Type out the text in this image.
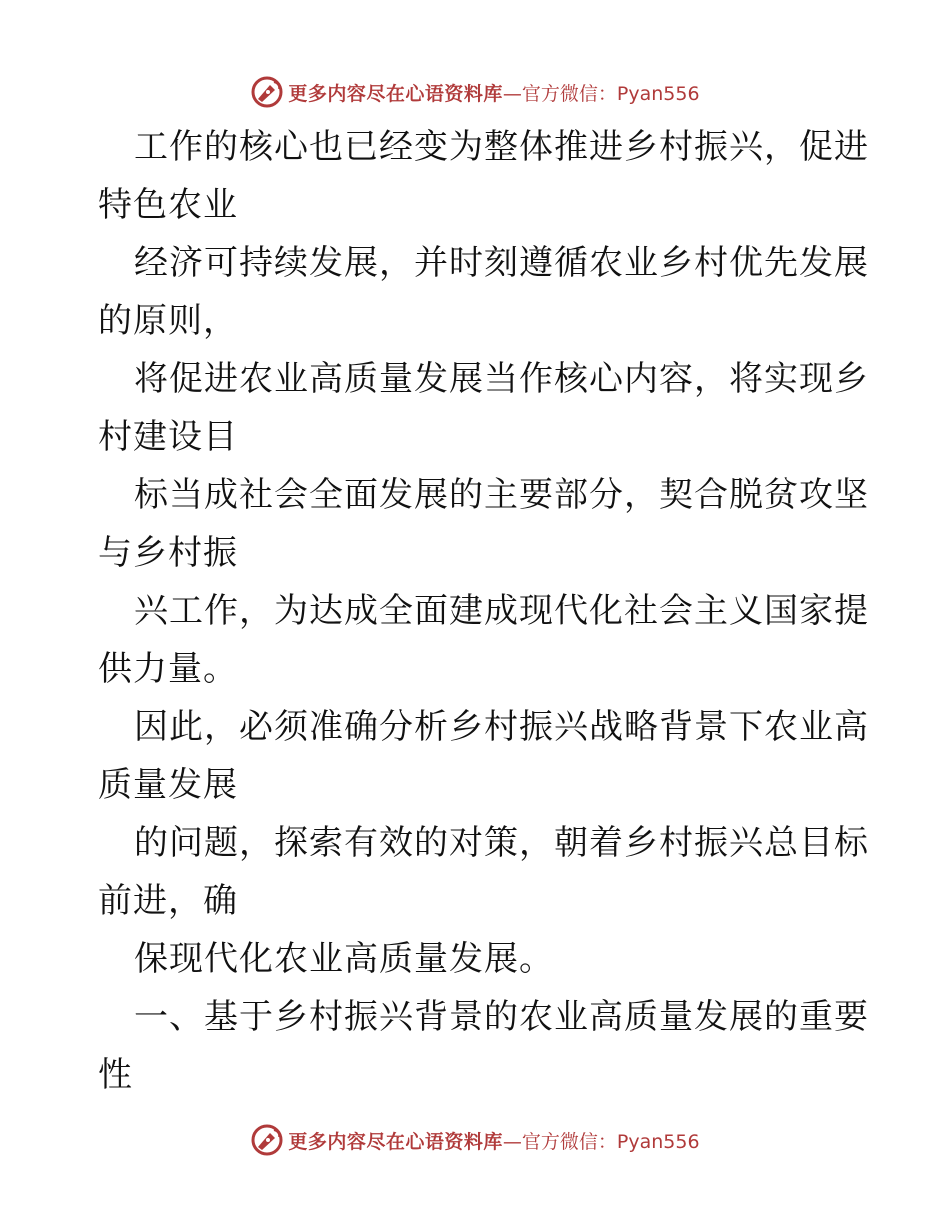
更多内容尽在心语资料库 —官方微信：Pyan556

工作的核心也已经变为整体推进乡村振兴，促进

特色农业

经济可持续发展，并时刻遵循农业乡村优先发展

的原则，

将促进农业高质量发展当作核心内容，将实现乡

村建设目

标当成社会全面发展的主要部分，契合脱贫攻坚

与乡村振

兴工作，为达成全面建成现代化社会主义国家提

供力量。

因此，必须准确分析乡村振兴战略背景下农业高

质量发展

的问题，探索有效的对策，朝着乡村振兴总目标

前进，确

保现代化农业高质量发展。

一、基于乡村振兴背景的农业高质量发展的重要

性

更多内容尽在心语资料库 —官方微信：Pyan556
